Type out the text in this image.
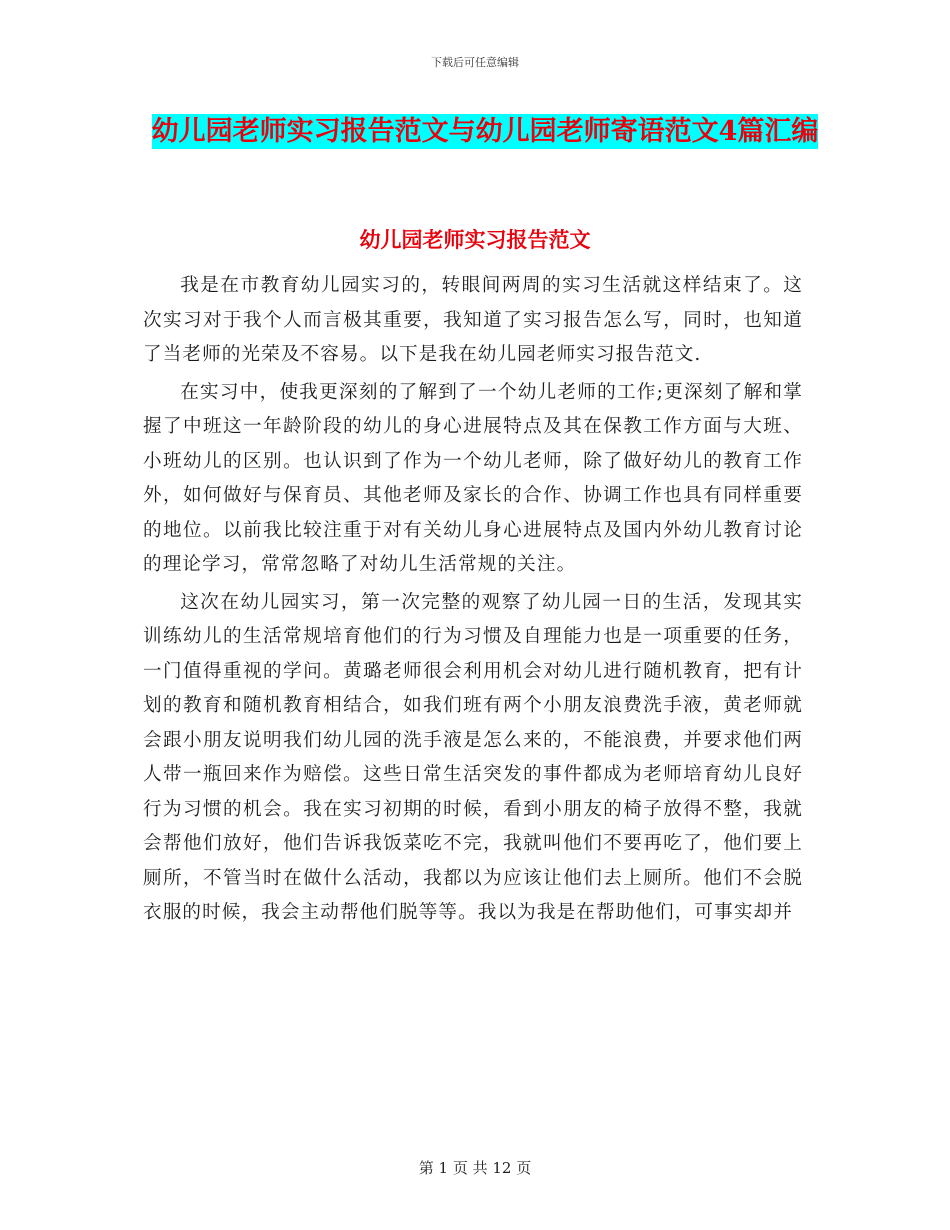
下载后可任意编辑
幼儿园老师实习报告范文与幼儿园老师寄语范文4篇汇编
幼儿园老师实习报告范文

我是在市教育幼儿园实习的，转眼间两周的实习生活就这样结束了。这次实习对于我个人而言极其重要，我知道了实习报告怎么写，同时，也知道了当老师的光荣及不容易。以下是我在幼儿园老师实习报告范文.

在实习中，使我更深刻的了解到了一个幼儿老师的工作;更深刻了解和掌握了中班这一年龄阶段的幼儿的身心进展特点及其在保教工作方面与大班、小班幼儿的区别。也认识到了作为一个幼儿老师，除了做好幼儿的教育工作外，如何做好与保育员、其他老师及家长的合作、协调工作也具有同样重要的地位。以前我比较注重于对有关幼儿身心进展特点及国内外幼儿教育讨论的理论学习，常常忽略了对幼儿生活常规的关注。

这次在幼儿园实习，第一次完整的观察了幼儿园一日的生活，发现其实训练幼儿的生活常规培育他们的行为习惯及自理能力也是一项重要的任务，一门值得重视的学问。黄璐老师很会利用机会对幼儿进行随机教育，把有计划的教育和随机教育相结合，如我们班有两个小朋友浪费洗手液，黄老师就会跟小朋友说明我们幼儿园的洗手液是怎么来的，不能浪费，并要求他们两人带一瓶回来作为赔偿。这些日常生活突发的事件都成为老师培育幼儿良好行为习惯的机会。我在实习初期的时候，看到小朋友的椅子放得不整，我就会帮他们放好，他们告诉我饭菜吃不完，我就叫他们不要再吃了，他们要上厕所，不管当时在做什么活动，我都以为应该让他们去上厕所。他们不会脱衣服的时候，我会主动帮他们脱等等。我以为我是在帮助他们，可事实却并

第 1 页 共 12 页
